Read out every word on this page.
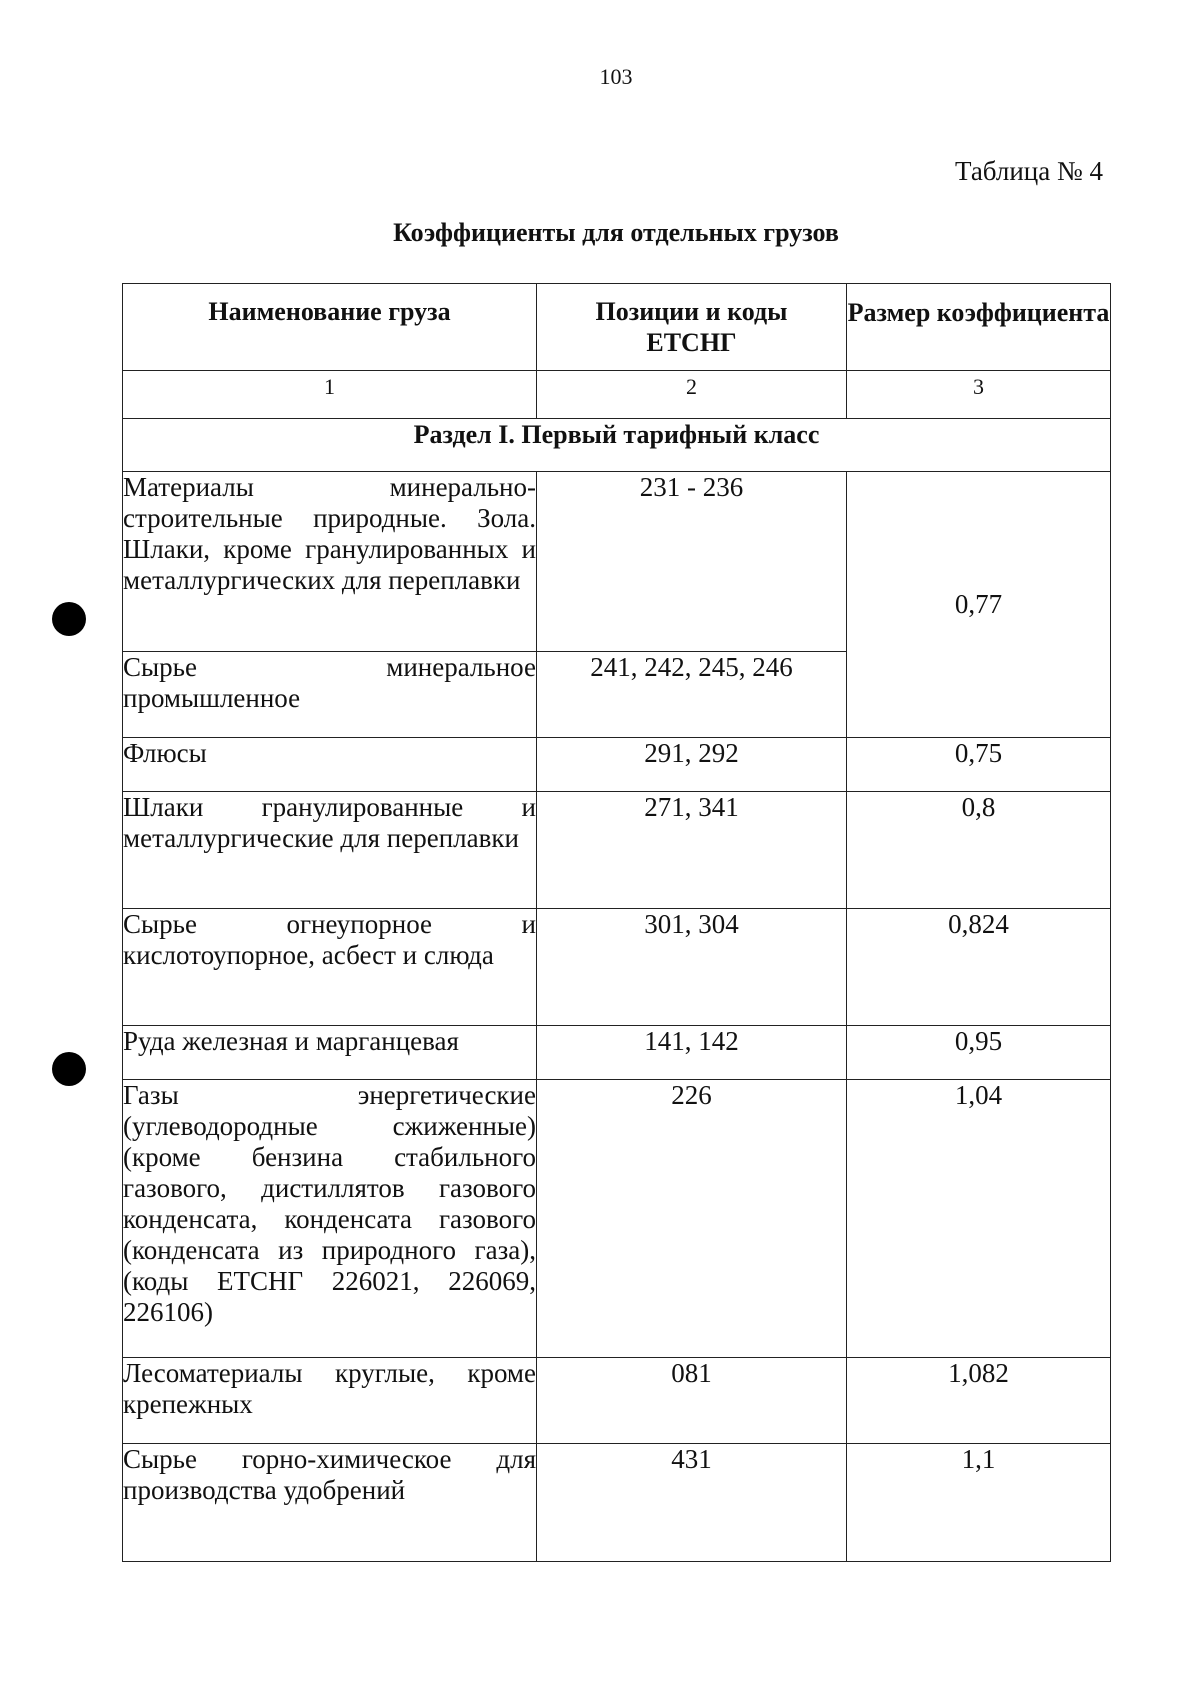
103
Таблица № 4
Коэффициенты для отдельных грузов
Наименование груза	Позиции и коды ЕТСНГ	Размер коэффициента

1	2	3
Раздел I. Первый тарифный класс		
Материалы минерально-строительные природные. Зола. Шлаки, кроме гранулированных и металлургических для переплавки	231 - 236	0,77
Сырье минеральное промышленное	241, 242, 245, 246	
Флюсы	291, 292	0,75
Шлаки гранулированные и металлургические для переплавки	271, 341	0,8
Сырье огнеупорное и кислотоупорное, асбест и слюда	301, 304	0,824
Руда железная и марганцевая	141, 142	0,95
Газы энергетические (углеводородные сжиженные) (кроме бензина стабильного газового, дистиллятов газового конденсата, конденсата газового (конденсата из природного газа), (коды ЕТСНГ 226021, 226069, 226106)	226	1,04
Лесоматериалы круглые, кроме крепежных	081	1,082
Сырье горно-химическое для производства удобрений	431	1,1
